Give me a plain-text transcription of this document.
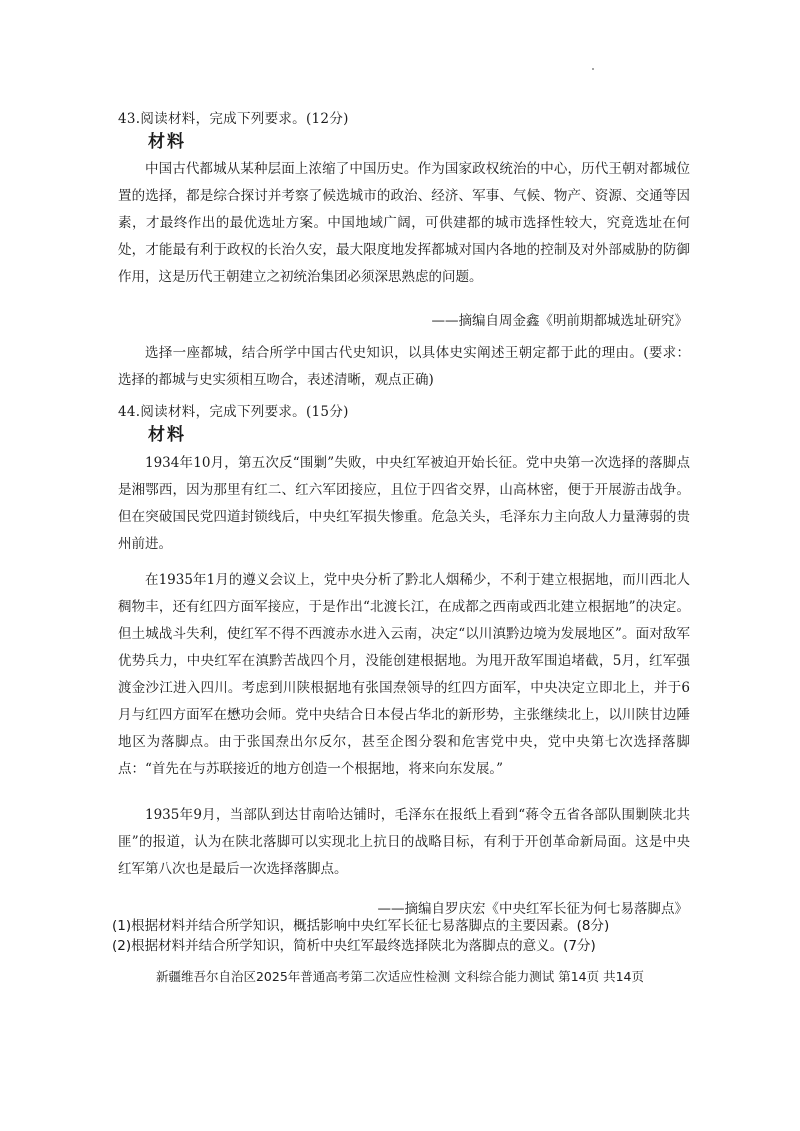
43.阅读材料，完成下列要求。(12分)
材料
中国古代都城从某种层面上浓缩了中国历史。作为国家政权统治的中心，历代王朝对都城位置的选择，都是综合探讨并考察了候选城市的政治、经济、军事、气候、物产、资源、交通等因素，才最终作出的最优选址方案。中国地域广阔，可供建都的城市选择性较大，究竟选址在何处，才能最有利于政权的长治久安，最大限度地发挥都城对国内各地的控制及对外部威胁的防御作用，这是历代王朝建立之初统治集团必须深思熟虑的问题。
——摘编自周金鑫《明前期都城选址研究》
选择一座都城，结合所学中国古代史知识，以具体史实阐述王朝定都于此的理由。(要求：选择的都城与史实须相互吻合，表述清晰，观点正确)
44.阅读材料，完成下列要求。(15分)
材料
1934年10月，第五次反“围剿”失败，中央红军被迫开始长征。党中央第一次选择的落脚点是湘鄂西，因为那里有红二、红六军团接应，且位于四省交界，山高林密，便于开展游击战争。但在突破国民党四道封锁线后，中央红军损失惨重。危急关头，毛泽东力主向敌人力量薄弱的贵州前进。
在1935年1月的遵义会议上，党中央分析了黔北人烟稀少，不利于建立根据地，而川西北人稠物丰，还有红四方面军接应，于是作出“北渡长江，在成都之西南或西北建立根据地”的决定。但土城战斗失利，使红军不得不西渡赤水进入云南，决定“以川滇黔边境为发展地区”。面对敌军优势兵力，中央红军在滇黔苦战四个月，没能创建根据地。为甩开敌军围追堵截，5月，红军强渡金沙江进入四川。考虑到川陕根据地有张国焘领导的红四方面军，中央决定立即北上，并于6月与红四方面军在懋功会师。党中央结合日本侵占华北的新形势，主张继续北上，以川陕甘边陲地区为落脚点。由于张国焘出尔反尔，甚至企图分裂和危害党中央，党中央第七次选择落脚点：“首先在与苏联接近的地方创造一个根据地，将来向东发展。”
1935年9月，当部队到达甘南哈达铺时，毛泽东在报纸上看到“蒋令五省各部队围剿陕北共匪”的报道，认为在陕北落脚可以实现北上抗日的战略目标，有利于开创革命新局面。这是中央红军第八次也是最后一次选择落脚点。
——摘编自罗庆宏《中央红军长征为何七易落脚点》
(1)根据材料并结合所学知识，概括影响中央红军长征七易落脚点的主要因素。(8分)
(2)根据材料并结合所学知识，简析中央红军最终选择陕北为落脚点的意义。(7分)
新疆维吾尔自治区2025年普通高考第二次适应性检测 文科综合能力测试 第14页 共14页
